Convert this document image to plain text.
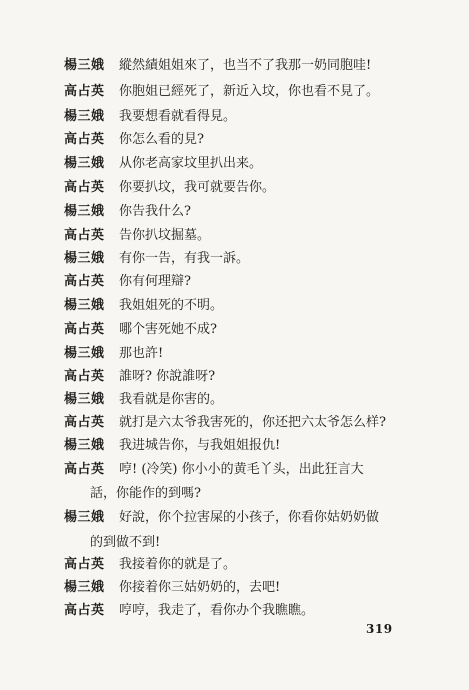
楊三娥 縱然績姐姐來了，也当不了我那一奶同胞哇!
高占英 你胞姐已經死了，新近入坟，你也看不見了。
楊三娥 我要想看就看得見。
高占英 你怎么看的見?
楊三娥 从你老高家坟里扒出来。
高占英 你要扒坟，我可就要告你。
楊三娥 你告我什么?
高占英 告你扒坟掘墓。
楊三娥 有你一告，有我一訴。
高占英 你有何理辯?
楊三娥 我姐姐死的不明。
高占英 哪个害死她不成?
楊三娥 那也許!
高占英 誰呀? 你說誰呀?
楊三娥 我看就是你害的。
高占英 就打是六太爷我害死的，你还把六太爷怎么样?
楊三娥 我进城告你，与我姐姐报仇!
高占英 哼! (冷笑) 你小小的黄毛丫头，出此狂言大
話，你能作的到嗎?
楊三娥 好說，你个拉害屎的小孩子，你看你姑奶奶做
的到做不到!
高占英 我接着你的就是了。
楊三娥 你接着你三姑奶奶的，去吧!
高占英 哼哼，我走了，看你办个我瞧瞧。
319
